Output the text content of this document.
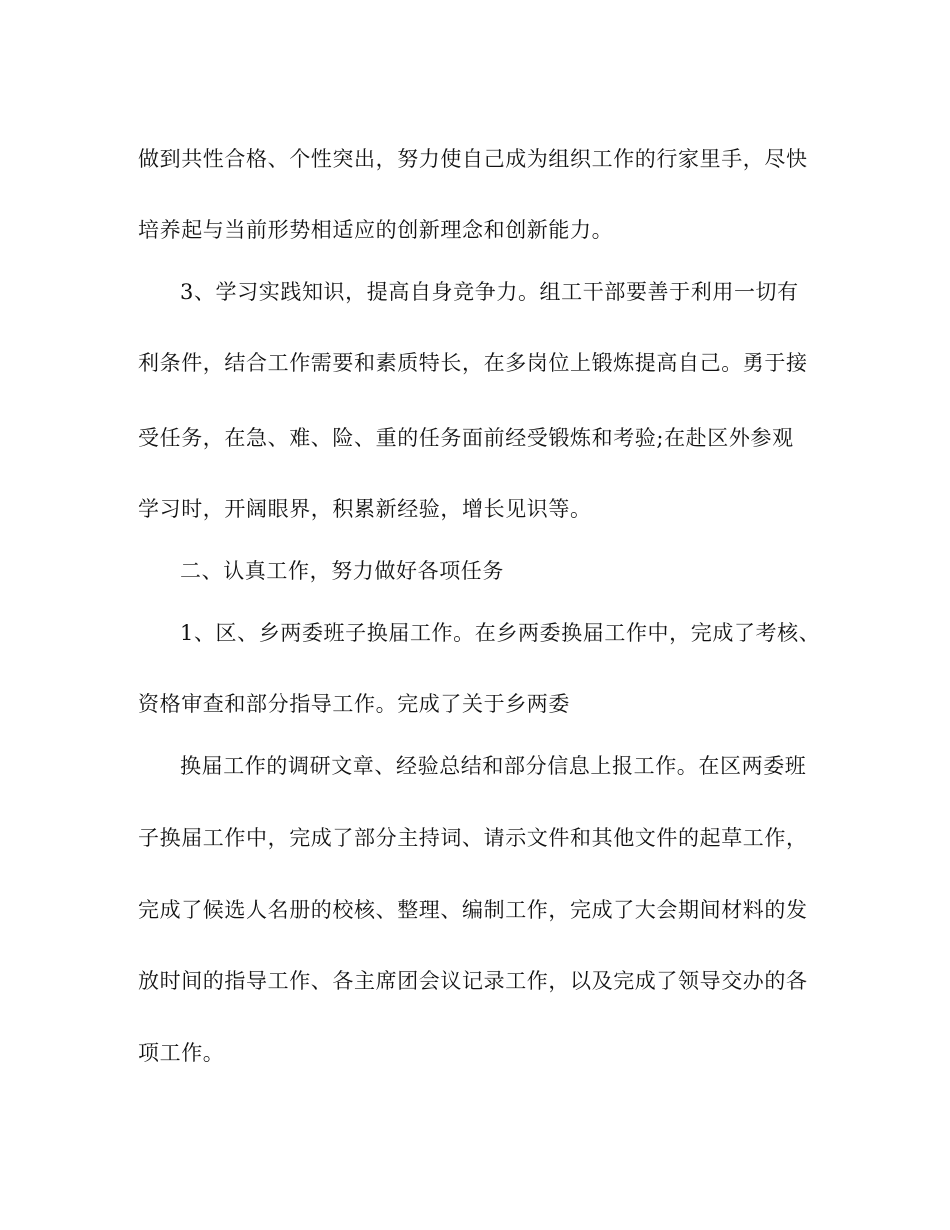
做到共性合格、个性突出，努力使自己成为组织工作的行家里手，尽快
培养起与当前形势相适应的创新理念和创新能力。
3、学习实践知识，提高自身竞争力。组工干部要善于利用一切有
利条件，结合工作需要和素质特长，在多岗位上锻炼提高自己。勇于接
受任务，在急、难、险、重的任务面前经受锻炼和考验;在赴区外参观
学习时，开阔眼界，积累新经验，增长见识等。
二、认真工作，努力做好各项任务
1、区、乡两委班子换届工作。在乡两委换届工作中，完成了考核、
资格审查和部分指导工作。完成了关于乡两委
换届工作的调研文章、经验总结和部分信息上报工作。在区两委班
子换届工作中，完成了部分主持词、请示文件和其他文件的起草工作，
完成了候选人名册的校核、整理、编制工作，完成了大会期间材料的发
放时间的指导工作、各主席团会议记录工作，以及完成了领导交办的各
项工作。
